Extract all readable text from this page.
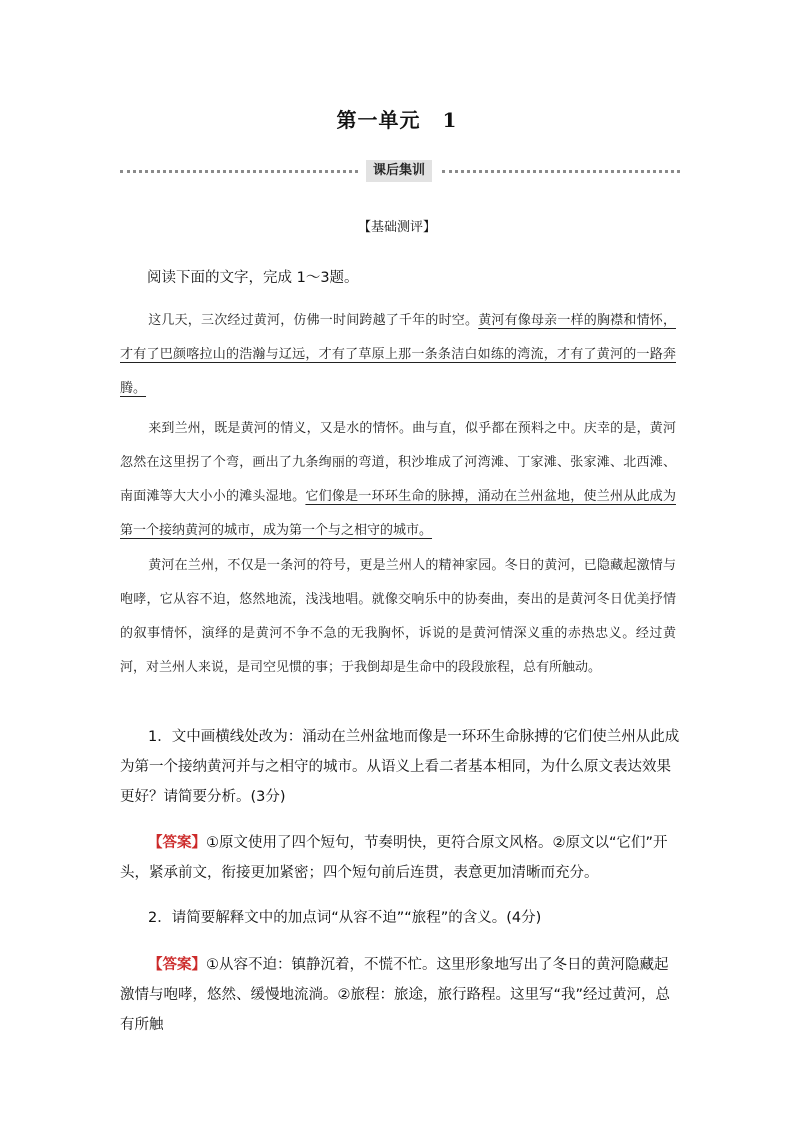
第一单元 1
课后集训
【基础测评】
阅读下面的文字，完成 1～3题。
这几天，三次经过黄河，仿佛一时间跨越了千年的时空。黄河有像母亲一样的胸襟和情怀，才有了巴颜喀拉山的浩瀚与辽远，才有了草原上那一条条洁白如练的湾流，才有了黄河的一路奔腾。
来到兰州，既是黄河的情义，又是水的情怀。曲与直，似乎都在预料之中。庆幸的是，黄河忽然在这里拐了个弯，画出了九条绚丽的弯道，积沙堆成了河湾滩、丁家滩、张家滩、北西滩、南面滩等大大小小的滩头湿地。它们像是一环环生命的脉搏，涌动在兰州盆地，使兰州从此成为第一个接纳黄河的城市，成为第一个与之相守的城市。
黄河在兰州，不仅是一条河的符号，更是兰州人的精神家园。冬日的黄河，已隐藏起激情与咆哮，它从容不迫，悠然地流，浅浅地唱。就像交响乐中的协奏曲，奏出的是黄河冬日优美抒情的叙事情怀，演绎的是黄河不争不急的无我胸怀，诉说的是黄河情深义重的赤热忠义。经过黄河，对兰州人来说，是司空见惯的事；于我倒却是生命中的段段旅程，总有所触动。
1．文中画横线处改为：涌动在兰州盆地而像是一环环生命脉搏的它们使兰州从此成为第一个接纳黄河并与之相守的城市。从语义上看二者基本相同，为什么原文表达效果更好？请简要分析。(3分)
【答案】①原文使用了四个短句，节奏明快，更符合原文风格。②原文以“它们”开头，紧承前文，衔接更加紧密；四个短句前后连贯，表意更加清晰而充分。
2．请简要解释文中的加点词“从容不迫”“旅程”的含义。(4分)
【答案】①从容不迫：镇静沉着，不慌不忙。这里形象地写出了冬日的黄河隐藏起激情与咆哮，悠然、缓慢地流淌。②旅程：旅途，旅行路程。这里写“我”经过黄河，总有所触
